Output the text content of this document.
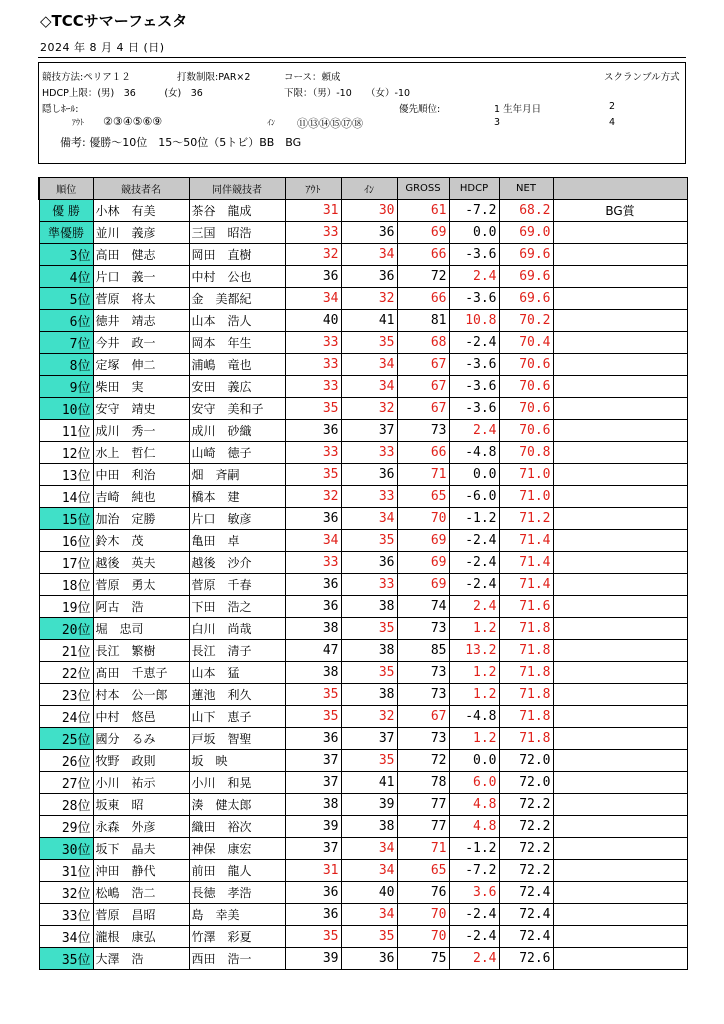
◇TCCサマーフェスタ
2024 年 8 月 4 日 (日)
競技方法:ペリア１２	打数制限:PAR×2	コース：頼成	スクランブル方式
HDCP上限：(男)　36　　　(女)　36	下限：（男）-10　　（女）-10
隠しﾎｰﾙ:	優先順位:	1 生年月日	2
ｱｳﾄ ②③④⑤⑥⑨	ｲﾝ ⑪⑬⑭⑮⑰⑱	3	4
備考: 優勝～10位　15～50位（5トビ）BB　BG
順位	競技者名	同伴競技者	ｱｳﾄ	ｲﾝ	GROSS	HDCP	NET	
優 勝	小林　有美	茶谷　龍成	31	30	61	-7.2	68.2	BG賞
準優勝	並川　義彦	三国　昭浩	33	36	69	0.0	69.0	
3位	高田　健志	岡田　直樹	32	34	66	-3.6	69.6	
4位	片口　義一	中村　公也	36	36	72	2.4	69.6	
5位	菅原　将太	金　美都紀	34	32	66	-3.6	69.6	
6位	徳井　靖志	山本　浩人	40	41	81	10.8	70.2	
7位	今井　政一	岡本　年生	33	35	68	-2.4	70.4	
8位	定塚　伸二	浦嶋　竜也	33	34	67	-3.6	70.6	
9位	柴田　実	安田　義広	33	34	67	-3.6	70.6	
10位	安守　靖史	安守　美和子	35	32	67	-3.6	70.6	
11位	成川　秀一	成川　砂織	36	37	73	2.4	70.6	
12位	水上　哲仁	山崎　徳子	33	33	66	-4.8	70.8	
13位	中田　利治	畑　斉嗣	35	36	71	0.0	71.0	
14位	吉崎　純也	橋本　建	32	33	65	-6.0	71.0	
15位	加治　定勝	片口　敏彦	36	34	70	-1.2	71.2	
16位	鈴木　茂	亀田　卓	34	35	69	-2.4	71.4	
17位	越後　英夫	越後　沙介	33	36	69	-2.4	71.4	
18位	菅原　勇太	菅原　千春	36	33	69	-2.4	71.4	
19位	阿古　浩	下田　浩之	36	38	74	2.4	71.6	
20位	堀　忠司	白川　尚哉	38	35	73	1.2	71.8	
21位	長江　繁樹	長江　清子	47	38	85	13.2	71.8	
22位	髙田　千恵子	山本　猛	38	35	73	1.2	71.8	
23位	村本　公一郎	蓮池　利久	35	38	73	1.2	71.8	
24位	中村　悠邑	山下　恵子	35	32	67	-4.8	71.8	
25位	國分　るみ	戸坂　智聖	36	37	73	1.2	71.8	
26位	牧野　政則	坂　映	37	35	72	0.0	72.0	
27位	小川　祐示	小川　和晃	37	41	78	6.0	72.0	
28位	坂東　昭	湊　健太郎	38	39	77	4.8	72.2	
29位	永森　外彦	織田　裕次	39	38	77	4.8	72.2	
30位	坂下　晶夫	神保　康宏	37	34	71	-1.2	72.2	
31位	沖田　静代	前田　龍人	31	34	65	-7.2	72.2	
32位	松嶋　浩二	長徳　孝浩	36	40	76	3.6	72.4	
33位	菅原　昌昭	島　幸美	36	34	70	-2.4	72.4	
34位	瀧根　康弘	竹澤　彩夏	35	35	70	-2.4	72.4	
35位	大澤　浩	西田　浩一	39	36	75	2.4	72.6	
